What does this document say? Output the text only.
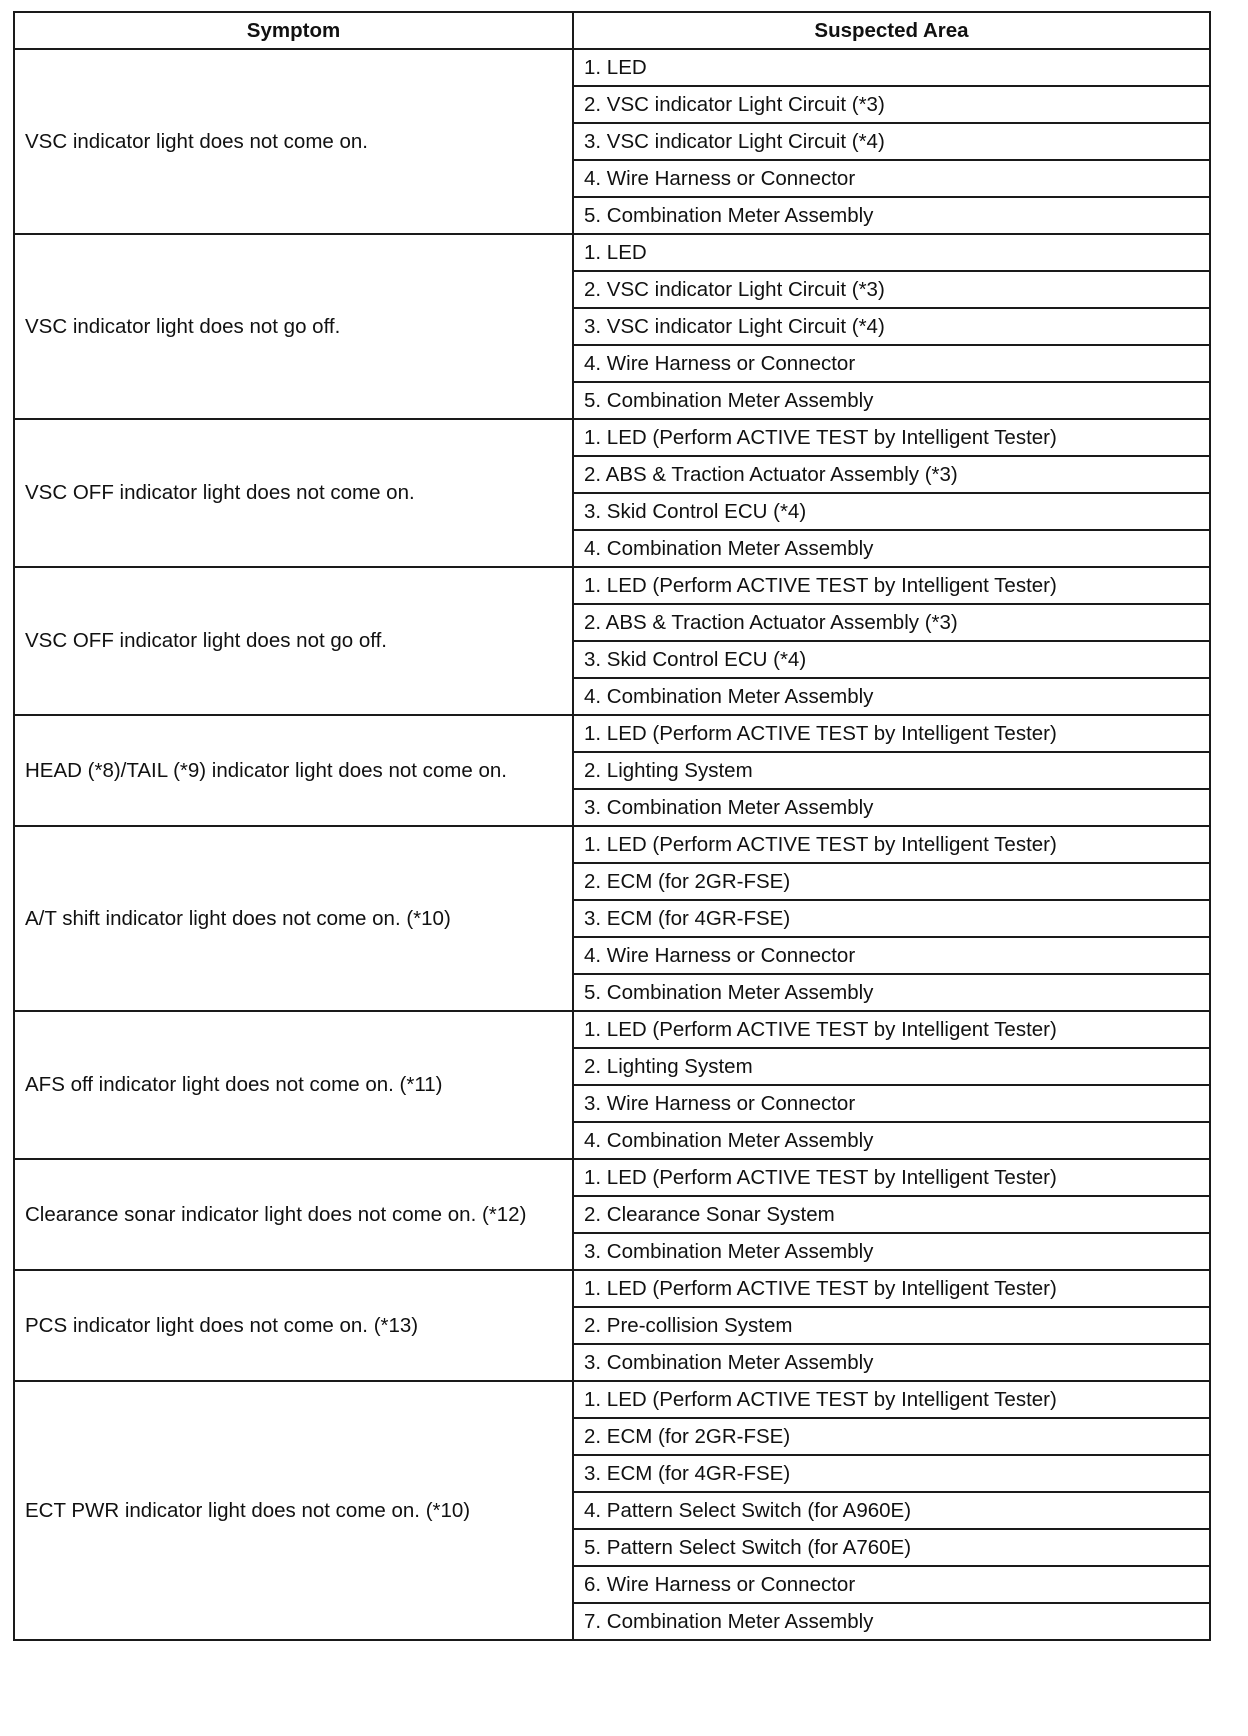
Symptom	Suspected Area
VSC indicator light does not come on.	1. LED
	2. VSC indicator Light Circuit (*3)
	3. VSC indicator Light Circuit (*4)
	4. Wire Harness or Connector
	5. Combination Meter Assembly
VSC indicator light does not go off.	1. LED
	2. VSC indicator Light Circuit (*3)
	3. VSC indicator Light Circuit (*4)
	4. Wire Harness or Connector
	5. Combination Meter Assembly
VSC OFF indicator light does not come on.	1. LED (Perform ACTIVE TEST by Intelligent Tester)
	2. ABS & Traction Actuator Assembly (*3)
	3. Skid Control ECU (*4)
	4. Combination Meter Assembly
VSC OFF indicator light does not go off.	1. LED (Perform ACTIVE TEST by Intelligent Tester)
	2. ABS & Traction Actuator Assembly (*3)
	3. Skid Control ECU (*4)
	4. Combination Meter Assembly
HEAD (*8)/TAIL (*9) indicator light does not come on.	1. LED (Perform ACTIVE TEST by Intelligent Tester)
	2. Lighting System
	3. Combination Meter Assembly
A/T shift indicator light does not come on. (*10)	1. LED (Perform ACTIVE TEST by Intelligent Tester)
	2. ECM (for 2GR-FSE)
	3. ECM (for 4GR-FSE)
	4. Wire Harness or Connector
	5. Combination Meter Assembly
AFS off indicator light does not come on. (*11)	1. LED (Perform ACTIVE TEST by Intelligent Tester)
	2. Lighting System
	3. Wire Harness or Connector
	4. Combination Meter Assembly
Clearance sonar indicator light does not come on. (*12)	1. LED (Perform ACTIVE TEST by Intelligent Tester)
	2. Clearance Sonar System
	3. Combination Meter Assembly
PCS indicator light does not come on. (*13)	1. LED (Perform ACTIVE TEST by Intelligent Tester)
	2. Pre-collision System
	3. Combination Meter Assembly
ECT PWR indicator light does not come on. (*10)	1. LED (Perform ACTIVE TEST by Intelligent Tester)
	2. ECM (for 2GR-FSE)
	3. ECM (for 4GR-FSE)
	4. Pattern Select Switch (for A960E)
	5. Pattern Select Switch (for A760E)
	6. Wire Harness or Connector
	7. Combination Meter Assembly
